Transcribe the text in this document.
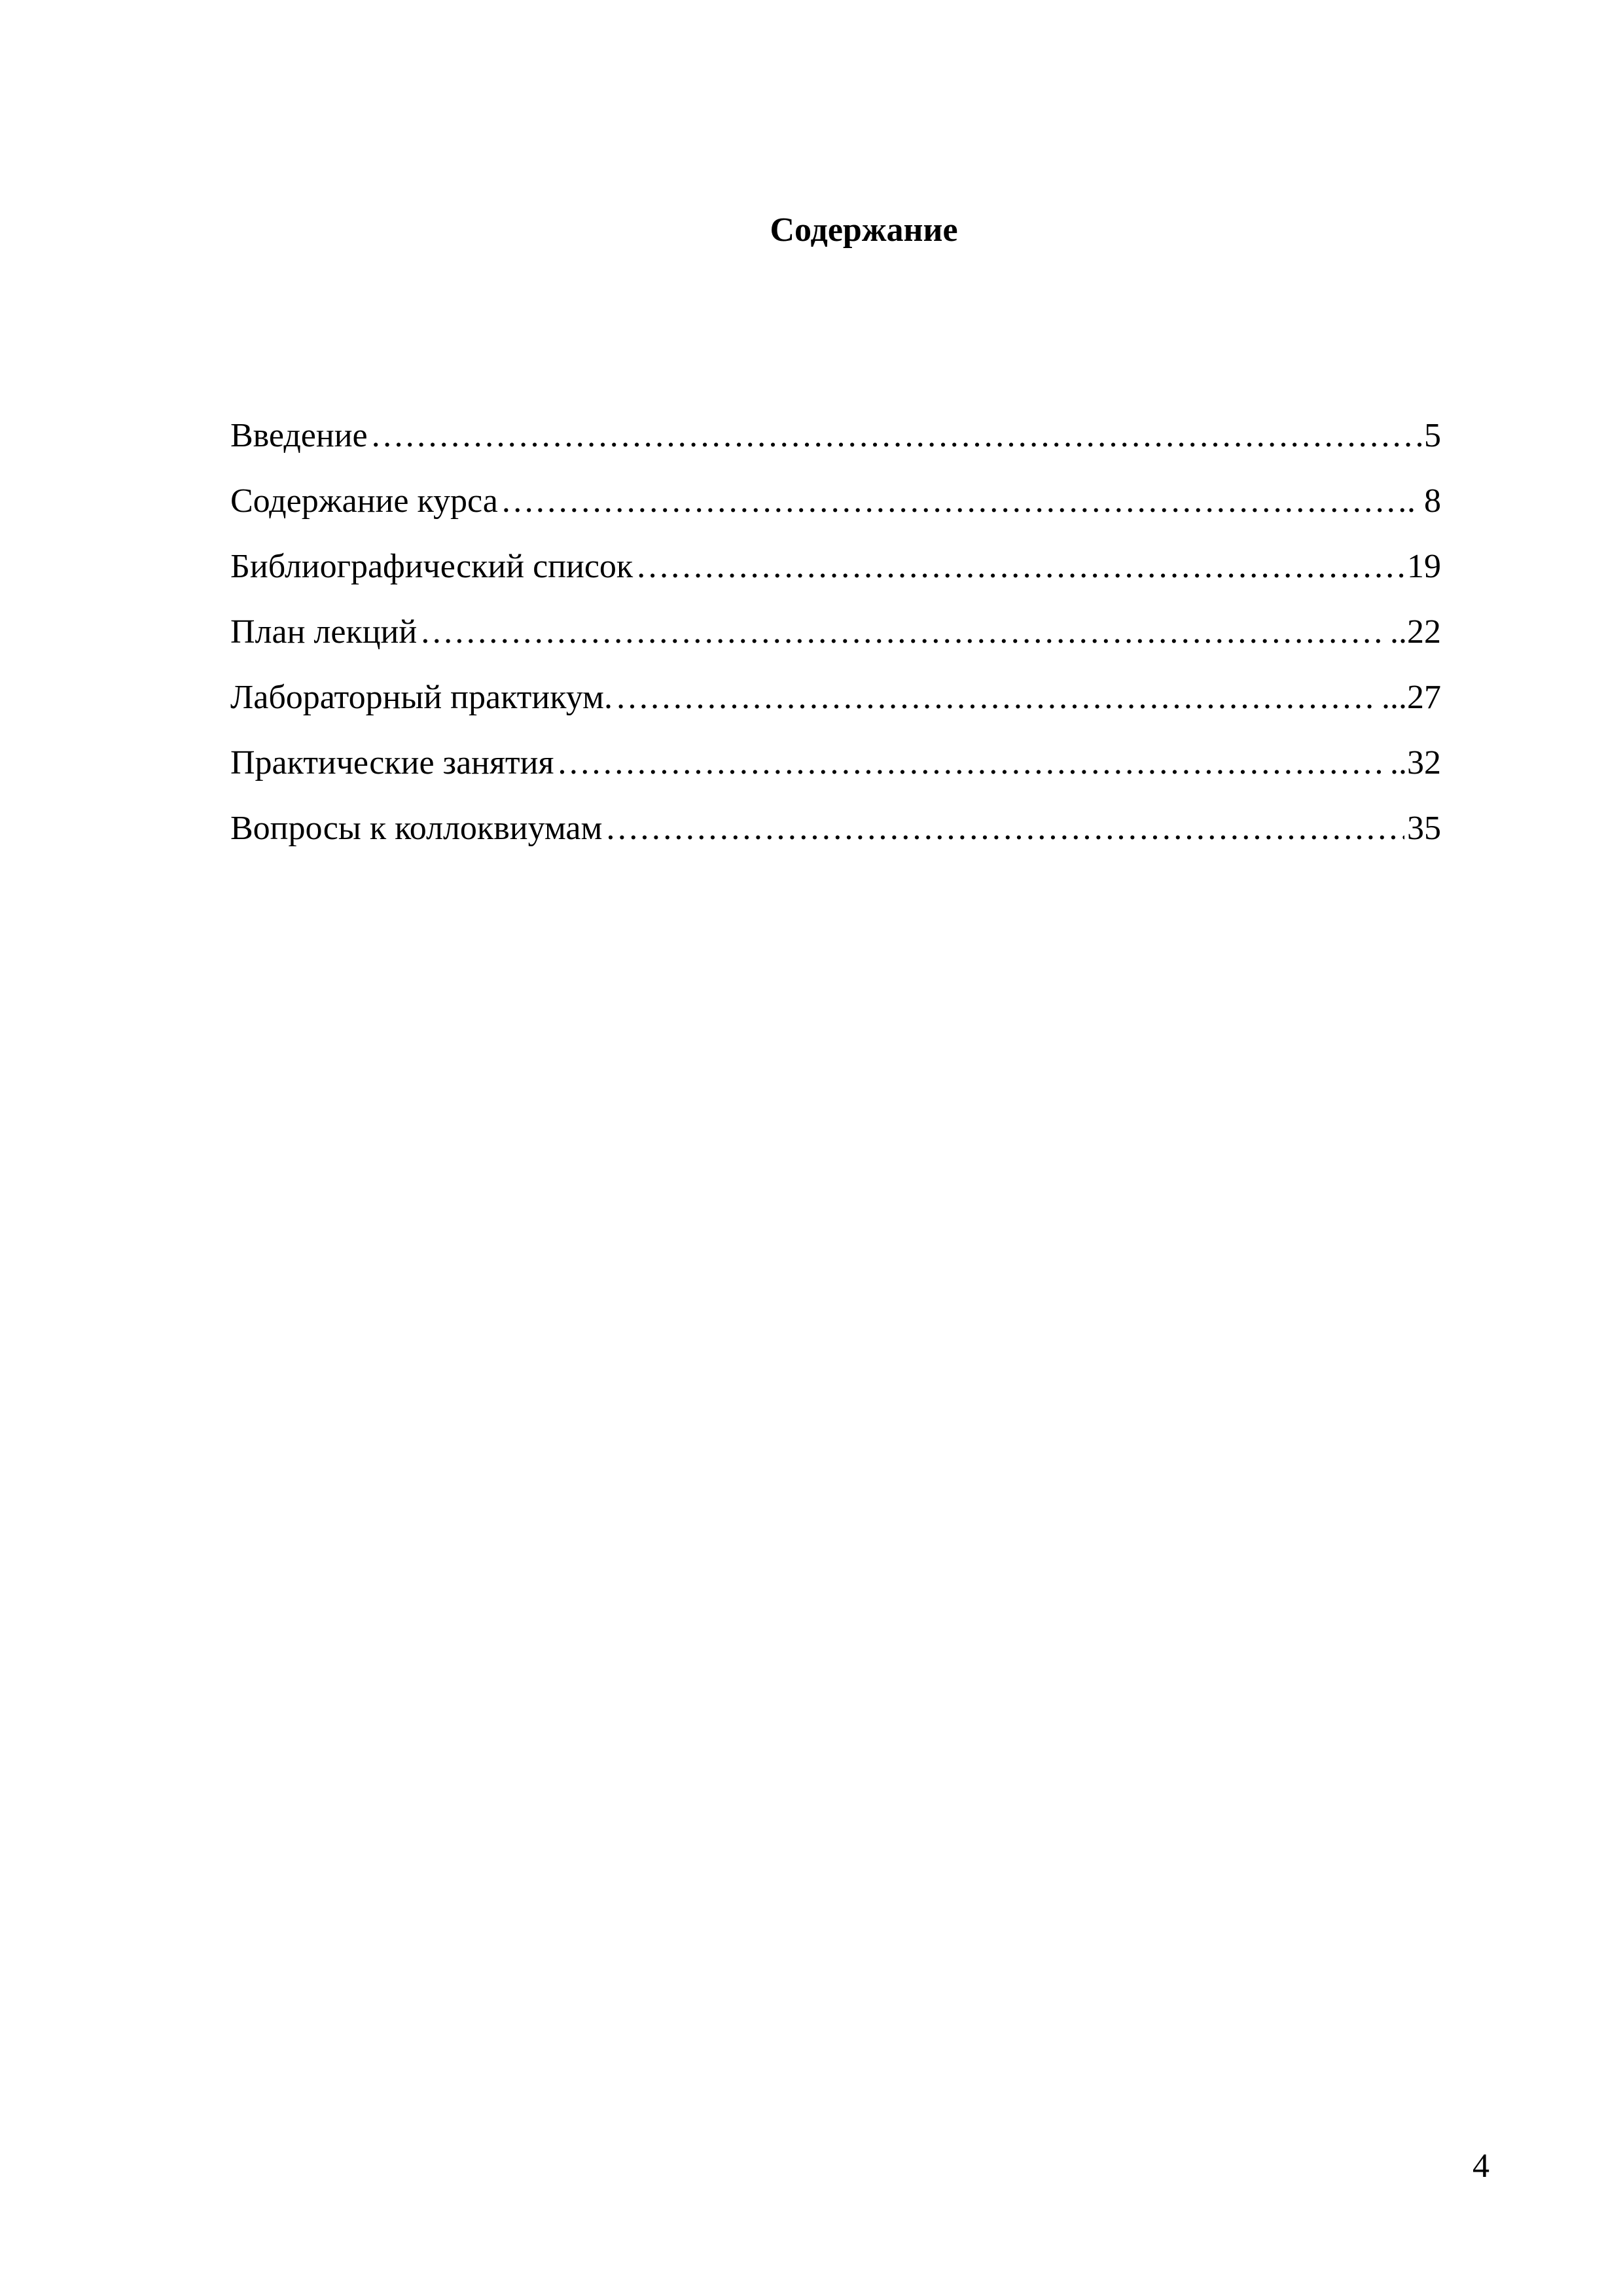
Содержание
Введение ……………………………………………………………………………………………………………………………………………………………………	5
Содержание курса ……………………………………………………………………………………………………………………………………………………………………	. 8
Библиографический список ……………………………………………………………………………………………………………………………………………………………………	19
План лекций ……………………………………………………………………………………………………………………………………………………………………	..22
Лабораторный практикум. ……………………………………………………………………………………………………………………………………………………………………	...27
Практические занятия ……………………………………………………………………………………………………………………………………………………………………	..32
Вопросы к коллоквиумам ……………………………………………………………………………………………………………………………………………………………………	35
4
